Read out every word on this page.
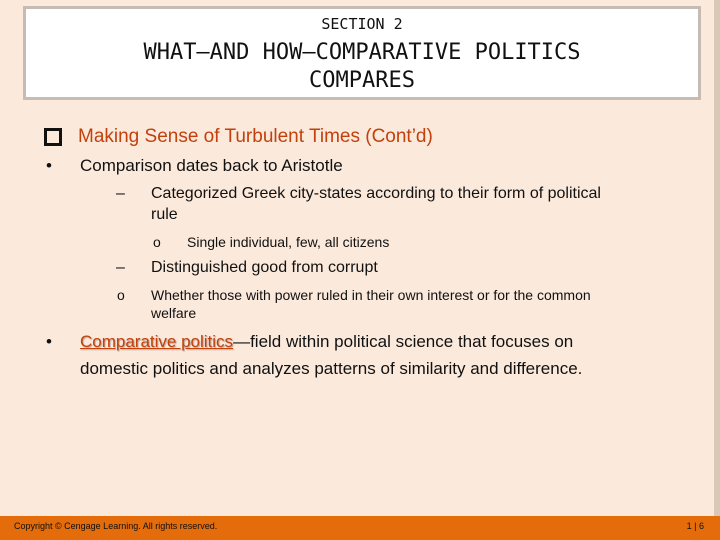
SECTION 2
WHAT—AND HOW—COMPARATIVE POLITICS
COMPARES
Making Sense of Turbulent Times (Cont’d)
• Comparison dates back to Aristotle
– Categorized Greek city-states according to their form of political
rule
o Single individual, few, all citizens
– Distinguished good from corrupt
o Whether those with power ruled in their own interest or for the common
welfare
• Comparative politics—field within political science that focuses on
domestic politics and analyzes patterns of similarity and difference.
Copyright © Cengage Learning. All rights reserved.	1 | 6
